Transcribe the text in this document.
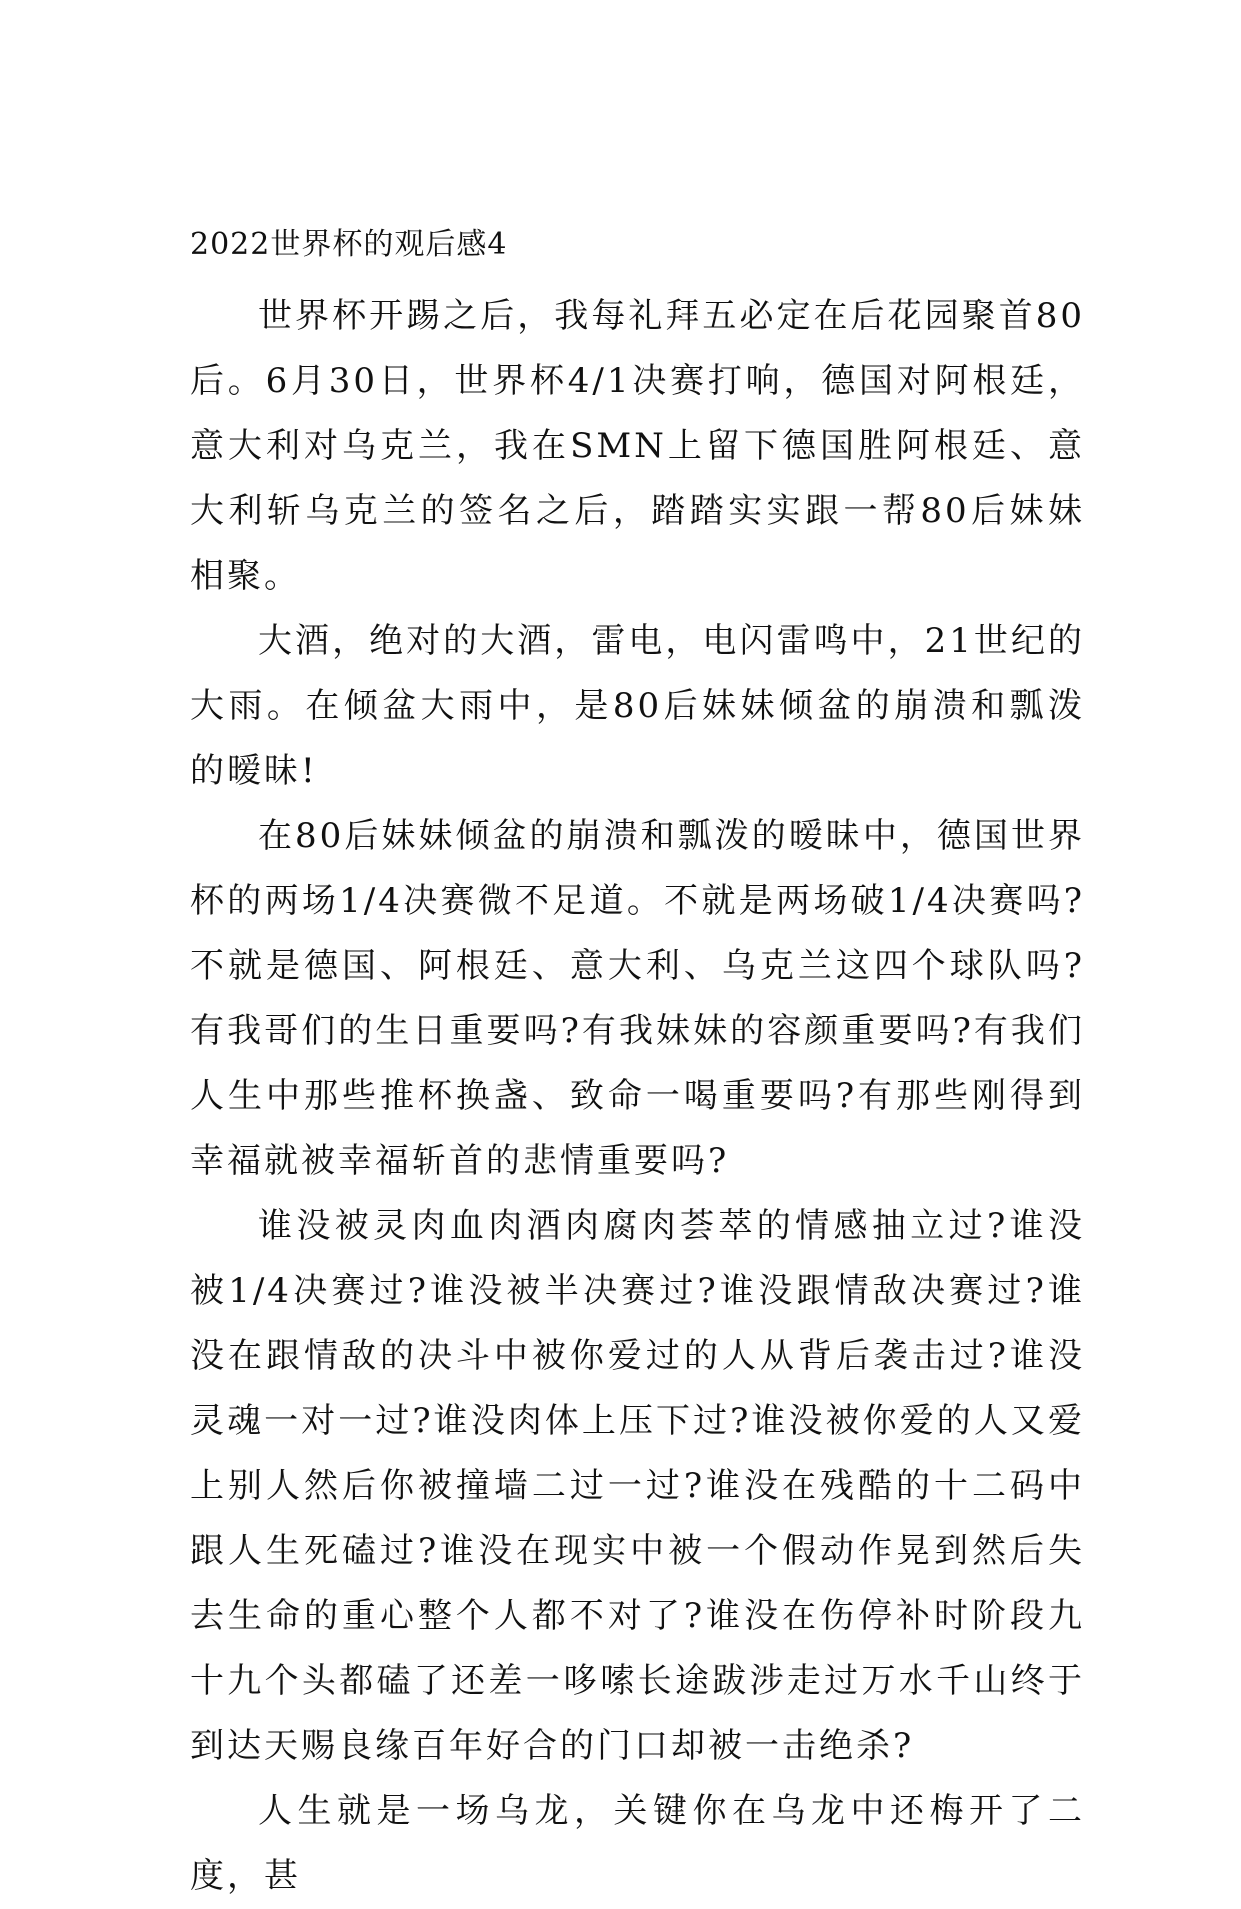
2022世界杯的观后感4

世界杯开踢之后，我每礼拜五必定在后花园聚首80后。6月30日，世界杯4/1决赛打响，德国对阿根廷，意大利对乌克兰，我在SMN上留下德国胜阿根廷、意大利斩乌克兰的签名之后，踏踏实实跟一帮80后妹妹相聚。

大酒，绝对的大酒，雷电，电闪雷鸣中，21世纪的大雨。在倾盆大雨中，是80后妹妹倾盆的崩溃和瓢泼的暧昧!

在80后妹妹倾盆的崩溃和瓢泼的暧昧中，德国世界杯的两场1/4决赛微不足道。不就是两场破1/4决赛吗?不就是德国、阿根廷、意大利、乌克兰这四个球队吗?有我哥们的生日重要吗?有我妹妹的容颜重要吗?有我们人生中那些推杯换盏、致命一喝重要吗?有那些刚得到幸福就被幸福斩首的悲情重要吗?

谁没被灵肉血肉酒肉腐肉荟萃的情感抽立过?谁没被1/4决赛过?谁没被半决赛过?谁没跟情敌决赛过?谁没在跟情敌的决斗中被你爱过的人从背后袭击过?谁没灵魂一对一过?谁没肉体上压下过?谁没被你爱的人又爱上别人然后你被撞墙二过一过?谁没在残酷的十二码中跟人生死磕过?谁没在现实中被一个假动作晃到然后失去生命的重心整个人都不对了?谁没在伤停补时阶段九十九个头都磕了还差一哆嗦长途跋涉走过万水千山终于到达天赐良缘百年好合的门口却被一击绝杀?

人生就是一场乌龙，关键你在乌龙中还梅开了二度，甚
